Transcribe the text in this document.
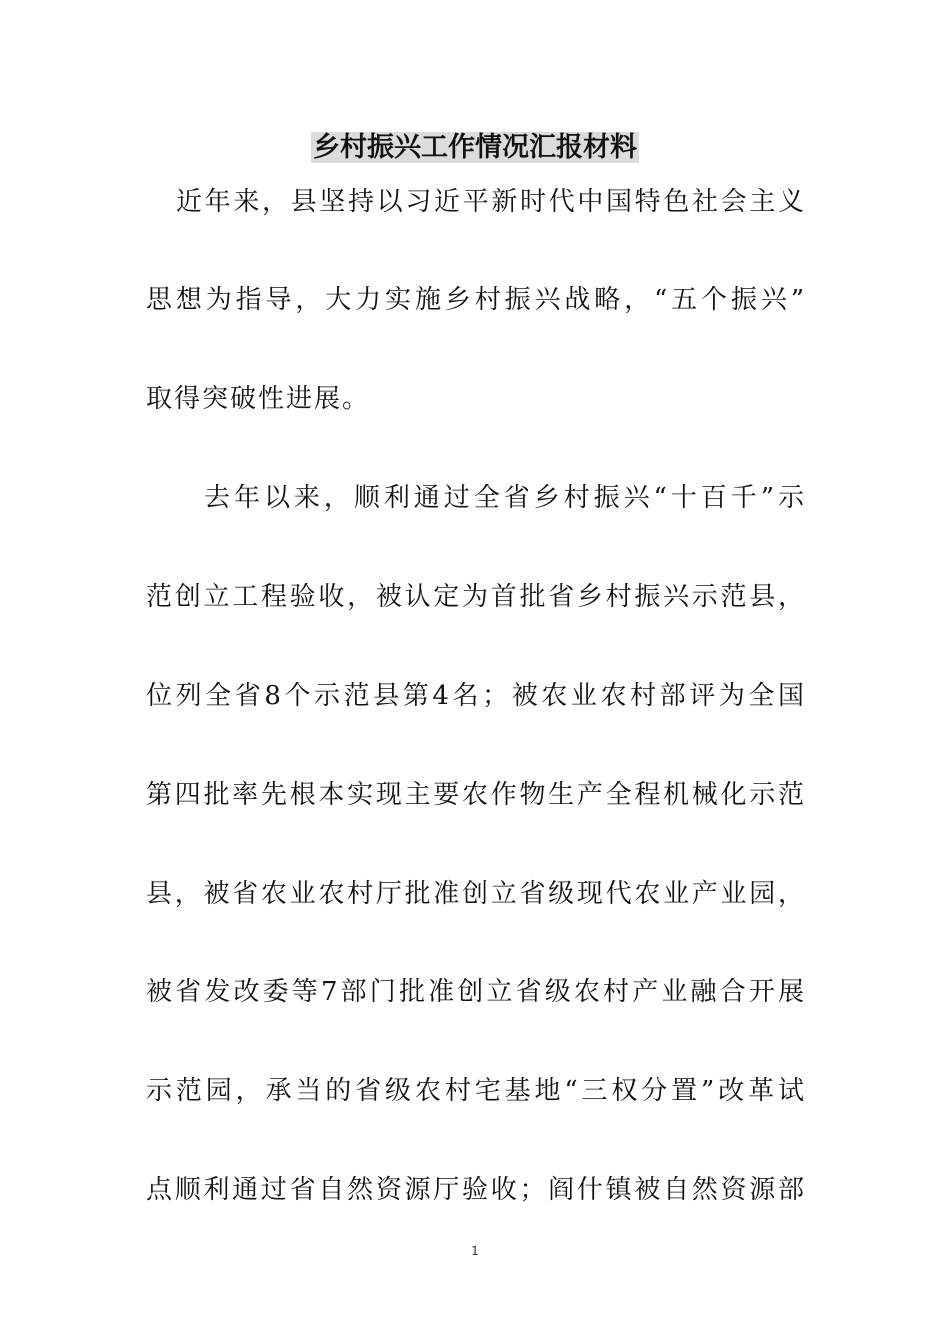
乡村振兴工作情况汇报材料
近年来，县坚持以习近平新时代中国特色社会主义
思想为指导，大力实施乡村振兴战略，“五个振兴”
取得突破性进展。
去年以来，顺利通过全省乡村振兴“十百千”示
范创立工程验收，被认定为首批省乡村振兴示范县，
位列全省8个示范县第4名；被农业农村部评为全国
第四批率先根本实现主要农作物生产全程机械化示范
县，被省农业农村厅批准创立省级现代农业产业园，
被省发改委等7部门批准创立省级农村产业融合开展
示范园，承当的省级农村宅基地“三权分置”改革试
点顺利通过省自然资源厅验收；阎什镇被自然资源部
1
